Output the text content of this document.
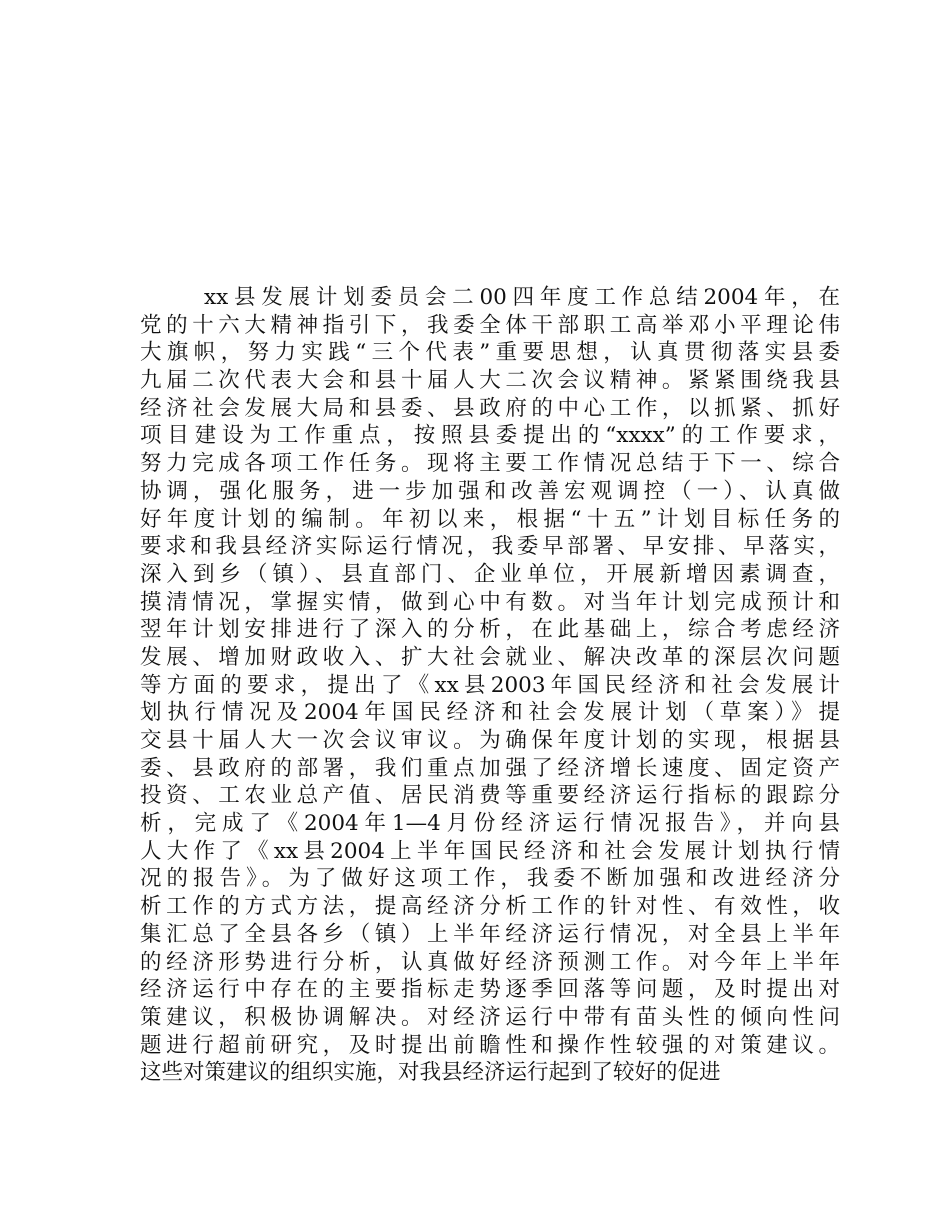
xx县发展计划委员会二00四年度工作总结2004年，在
党的十六大精神指引下，我委全体干部职工高举邓小平理论伟
大旗帜，努力实践“三个代表”重要思想，认真贯彻落实县委
九届二次代表大会和县十届人大二次会议精神。紧紧围绕我县
经济社会发展大局和县委、县政府的中心工作，以抓紧、抓好
项目建设为工作重点，按照县委提出的“xxxx”的工作要求，
努力完成各项工作任务。现将主要工作情况总结于下一、综合
协调，强化服务，进一步加强和改善宏观调控（一）、认真做
好年度计划的编制。年初以来，根据“十五”计划目标任务的
要求和我县经济实际运行情况，我委早部署、早安排、早落实，
深入到乡（镇）、县直部门、企业单位，开展新增因素调查，
摸清情况，掌握实情，做到心中有数。对当年计划完成预计和
翌年计划安排进行了深入的分析，在此基础上，综合考虑经济
发展、增加财政收入、扩大社会就业、解决改革的深层次问题
等方面的要求，提出了《xx县2003年国民经济和社会发展计
划执行情况及2004年国民经济和社会发展计划（草案）》提
交县十届人大一次会议审议。为确保年度计划的实现，根据县
委、县政府的部署，我们重点加强了经济增长速度、固定资产
投资、工农业总产值、居民消费等重要经济运行指标的跟踪分
析，完成了《2004年1—4月份经济运行情况报告》，并向县
人大作了《xx县2004上半年国民经济和社会发展计划执行情
况的报告》。为了做好这项工作，我委不断加强和改进经济分
析工作的方式方法，提高经济分析工作的针对性、有效性，收
集汇总了全县各乡（镇）上半年经济运行情况，对全县上半年
的经济形势进行分析，认真做好经济预测工作。对今年上半年
经济运行中存在的主要指标走势逐季回落等问题，及时提出对
策建议，积极协调解决。对经济运行中带有苗头性的倾向性问
题进行超前研究，及时提出前瞻性和操作性较强的对策建议。
这些对策建议的组织实施，对我县经济运行起到了较好的促进
